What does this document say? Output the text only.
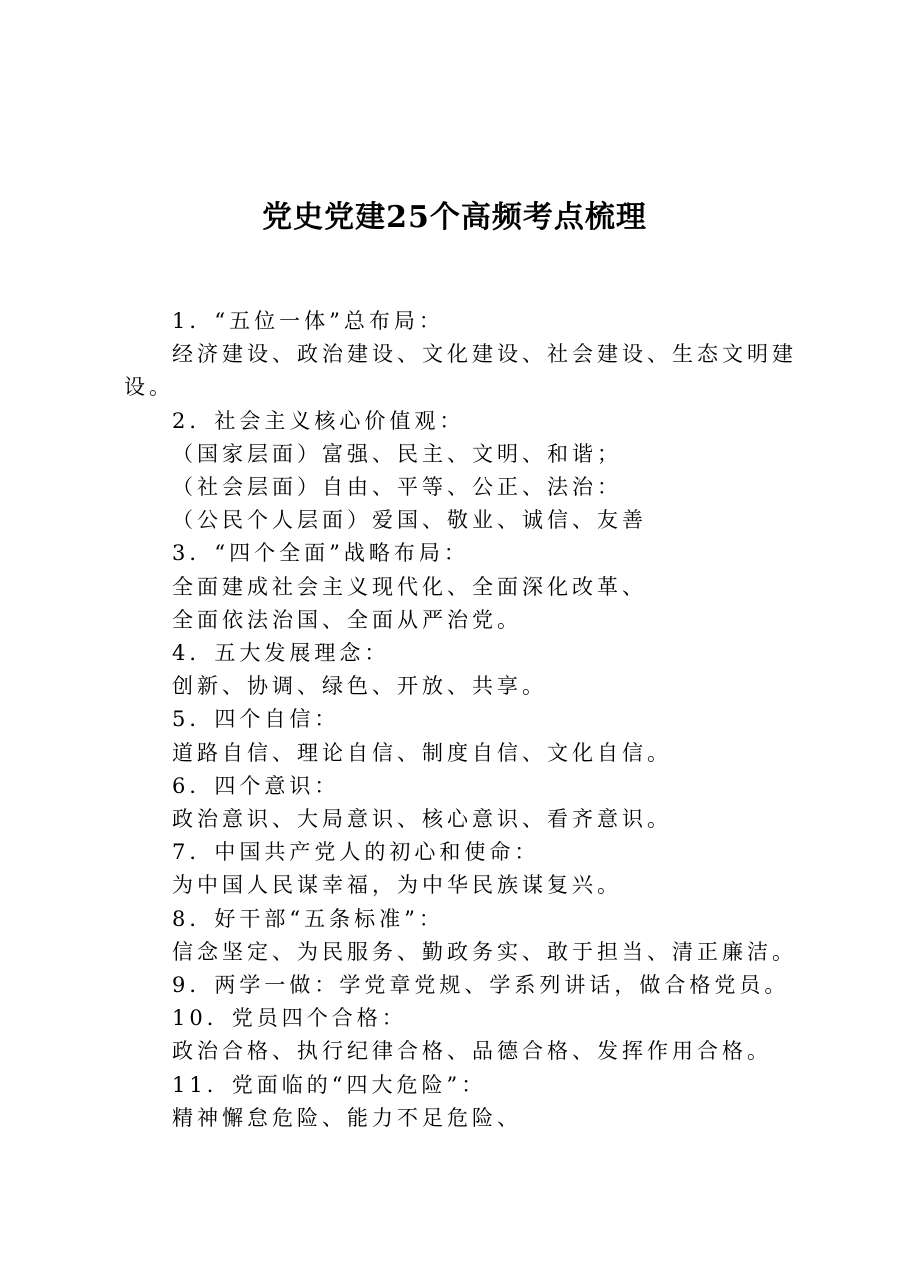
党史党建25个高频考点梳理
1．“五位一体”总布局：
经济建设、政治建设、文化建设、社会建设、生态文明建设。
2．社会主义核心价值观：
（国家层面）富强、民主、文明、和谐；
（社会层面）自由、平等、公正、法治：
（公民个人层面）爱国、敬业、诚信、友善
3．“四个全面”战略布局：
全面建成社会主义现代化、全面深化改革、
全面依法治国、全面从严治党。
4．五大发展理念：
创新、协调、绿色、开放、共享。
5．四个自信：
道路自信、理论自信、制度自信、文化自信。
6．四个意识：
政治意识、大局意识、核心意识、看齐意识。
7．中国共产党人的初心和使命：
为中国人民谋幸福，为中华民族谋复兴。
8．好干部“五条标准”：
信念坚定、为民服务、勤政务实、敢于担当、清正廉洁。
9．两学一做：学党章党规、学系列讲话，做合格党员。
10．党员四个合格：
政治合格、执行纪律合格、品德合格、发挥作用合格。
11．党面临的“四大危险”：
精神懈怠危险、能力不足危险、
